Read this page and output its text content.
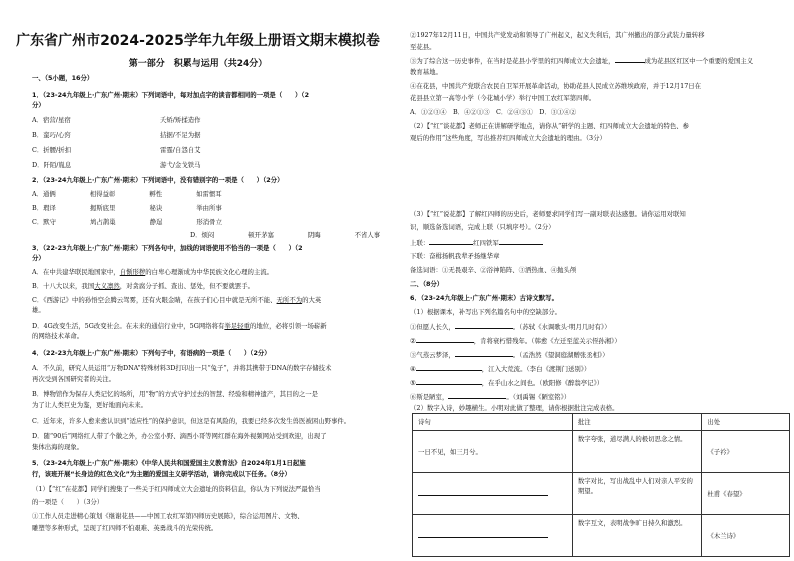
广东省广州市2024-2025学年九年级上册语文期末模拟卷
第一部分　积累与运用（共24分）
一、（5小题，16分）
1．（23-24九年级上·广东广州·期末）下列词语中，每对加点字的读音都相同的一项是（　　）（2
分）
A．宿营/星宿	夭矫/矫揉造作
B．蛮巧/心窍	拮据/不足为据
C．折腰/折扣	雷霆/自怨自艾
D．阡陌/胤息	游弋/金戈铁马
2．（23-24九年级上·广东广州·期末）下列词语中，没有错别字的一项是（　　）（2分）
A．通俩	相得益彰	孵性	如雷惯耳
B．瑕译	揭斯底里	秘诀	举由所事
C．默守	鸠占鹊巢	静逞	形消骨立
D．烦闷	顿开茅塞	阴晦	不省人事
3．（22-23九年级上·广东广州·期末）下列各句中，加线的词语使用不恰当的一项是（　　）（2
分）
A．在中共建华联民地国家中，自惭形秽的白卑心理渐成为中华民族文化心理的主流。
B．十八大以来，我国大义凛然，对贪腐分子抓、查出、惩处，但不要就罢手。
C．《西游记》中的孙悟空会腾云驾雾，还有火眼金睛，在孩子们心目中就是无所不能、无所不为的大英
雄。
D．4G改变生活，5G改变社会。在未来的通信行业中，5G网络将有举足轻重的地位，必将引领一场崭新
的网络技术革命。
4．（22-23九年级上·广东广州·期末）下列句子中，有语病的一项是（　　）（2分）
A．不久前，研究人员运用“万物DNA”特殊材料3D打印出一只“兔子”，并将其携带于DNA的数字存储技术
再次受到各国研究者的关注。
B．博物馆作为保存人类记忆的场所，用“物”的方式守护过去的智慧、经验和精神遗产，其目的之一是
为了让人类巨史为鉴，更好地面向未来。
C．近年来，许多人愈来愈认识到“适应性”的保护意识，但这是有风险的，我要已经多次发生兽医被困山野事件。
D．随“90后”网络红人带了个徽之外，办公室小野、滴西小哥等网红群在海外视频网站受到欢迎，出现了
集体出海的现象。
5．（23-24九年级上·广东广州·期末）《中华人民共和国爱国主义教育法》自2024年1月1日起施
行，该班开展“长身边的红色文化”为主题的爱国主义研学活动，请你完成以下任务。（8分）
（1）【“红”在花都】同学们搜集了一些关于红四师成立大会遗址的资料信息，你认为下列说法严最恰当
的一项是（　　）（3分）
①工作人员走进精心策划《继谢花县——中国工农红军第四师历史展陈》，综合运用图片、文物、
雕塑等多种形式，呈现了红四师不怕艰难、英勇战斗的光荣传统。
②1927年12月11日，中国共产党发动和领导了广州起义，起义失利后，其广州撤出的部分武装力量转移
至花县。
③为了综合这一历史事件，在当时是花县小学里的红四师成立大会遗址，	成为花县区红区中一个重要的爱国主义
教育基地。
④在花县，中国共产党联合农民自卫军开展革命活动，协助花县人民成立苏维埃政府，并于12月17日在
花县县立第一高等小学（今花城小学）举行中国工农红军第四师。
A．①②③④　B．④②①③　C．②④③①　D．③①④②
（2）【“红”谈花都】老师正在讲解研学地点，请你从“研学的主题、红四师成立大会遗址的特色、参
观后的作用”这些角度，写出推荐红四师成立大会遗址的理由。（3分）
（3）【“红”说花都】了解红四师的历史后，老师要求同学们写一副对联表达感想。请你运用对联知
识，顺选备选词语，完成上联（只填序号）。（2分）
上联：	红四铁军
下联：奋楫扬帆我辈矛扬继华章
备选词语：①无畏艰辛、②浴神陷阵、③洒热血、④抛头颅
二、（8分）
6．（23-24九年级上·广东广州·期末）古诗文默写。
（1）根据课本，补写出下列名篇名句中的空缺部分。
①但愿人长久，	。（苏轼《水调歌头·明月几时有》）
②	，肯将衰朽惜残年。（韩愈《左迁至蓝关示侄孙湘》）
③气蒸云梦泽，	。（孟浩然《望洞庭湖赠张丞相》）
④	，江入大荒流。（李白《渡荆门送别》）
⑤	，在乎山水之间也。（欧阳修《醉翁亭记》）
⑥斯是陋室，	。（刘禹锡《陋室铭》）
（2）数字入诗，妙趣横生。小明对此做了整理，请你根据批注完成表格。
诗句	批注	出处
一日不见，如三月兮。	数字夸张，道尽满人的极切思念之情。	《子衿》
	数字对比，写出战乱中人们对亲人平安的期望。	杜甫《春望》
	数字互文，表明战争旷日持久和激烈。	《木兰诗》
